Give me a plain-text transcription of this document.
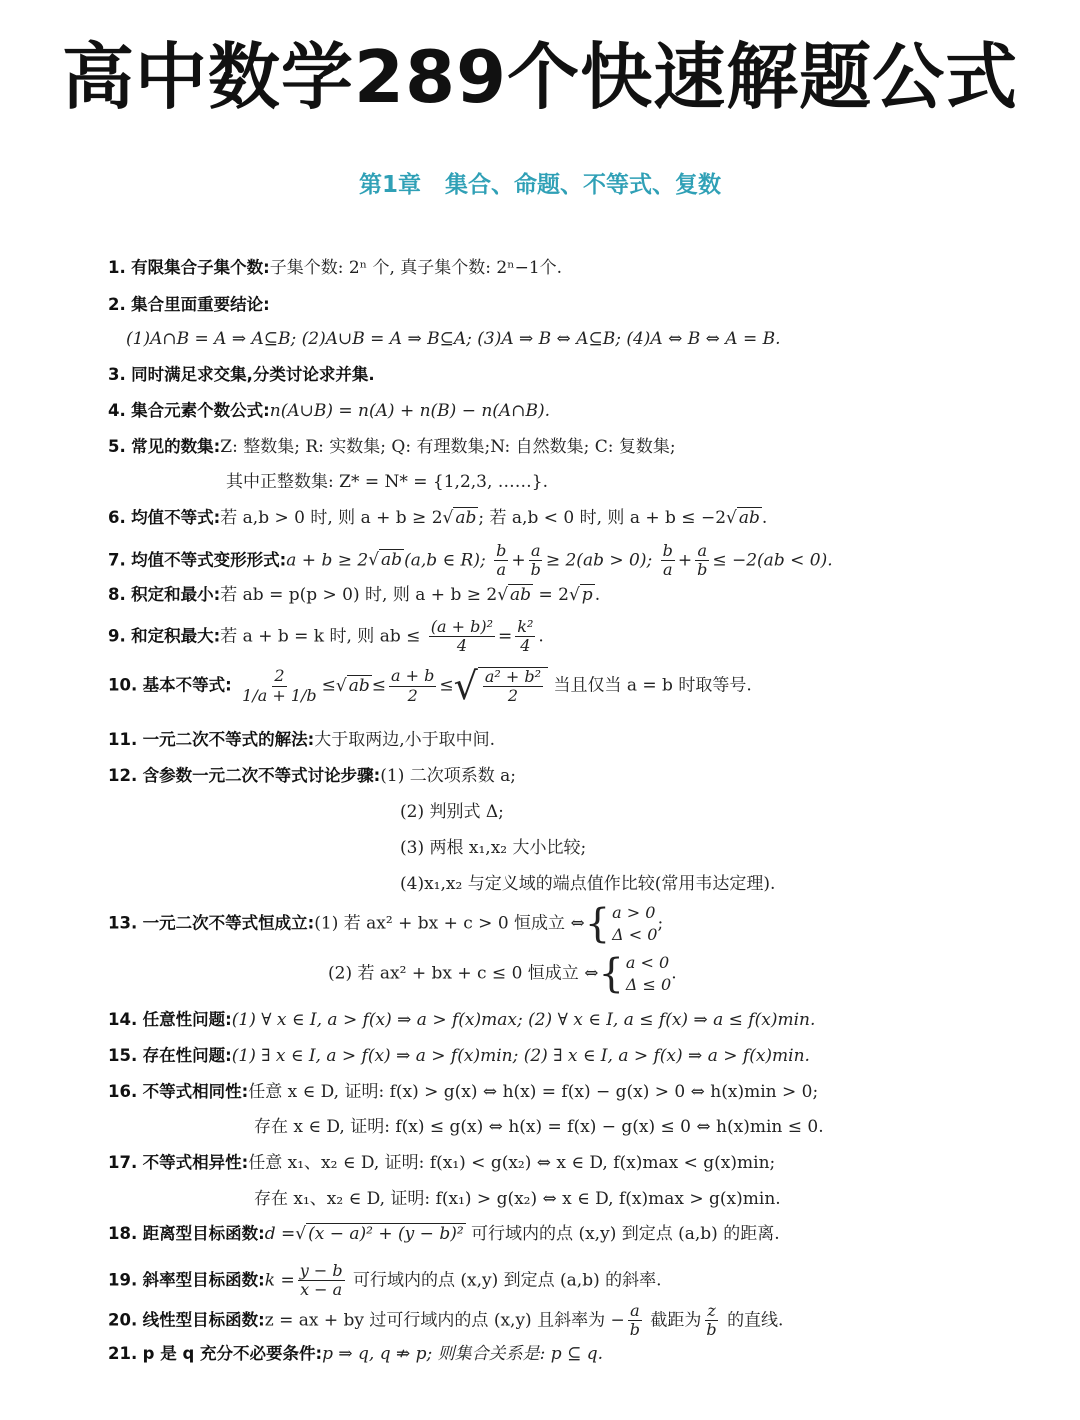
高中数学289个快速解题公式
第1章 集合、命题、不等式、复数
1. 有限集合子集个数:子集个数: 2ⁿ 个, 真子集个数: 2ⁿ−1个.
2. 集合里面重要结论:
(1)A∩B = A ⇒ A⊆B; (2)A∪B = A ⇒ B⊆A; (3)A ⇒ B ⇔ A⊆B; (4)A ⇔ B ⇔ A = B.
3. 同时满足求交集,分类讨论求并集.
4. 集合元素个数公式:n(A∪B) = n(A) + n(B) − n(A∩B).
5. 常见的数集:Z: 整数集; R: 实数集; Q: 有理数集;N: 自然数集; C: 复数集;
其中正整数集: Z* = N* = {1,2,3, ……}.
6. 均值不等式:若 a,b > 0 时, 则 a + b ≥ 2√ ab ; 若 a,b < 0 时, 则 a + b ≤ −2√ ab .
7. 均值不等式变形形式:a + b ≥ 2√ ab (a,b ∈ R); $\frac{b}{a} + \frac{a}{b} \ge 2(ab > 0)$; $\frac{b}{a} + \frac{a}{b} \le -2(ab < 0)$.
8. 积定和最小:若 ab = p(p > 0) 时, 则 a + b ≥ 2√ ab = 2√ p .
9. 和定积最大:若 a + b = k 时, 则 ab ≤ $\frac{\text{(a + b)²}}{4} = \frac{\text{k²}}{4}$ .
10. 基本不等式: $\frac{2}{1/a + 1/b}$ ≤√ ab ≤ $\frac{a + b}{2}$ ≤ √ $\frac{\text{a² + b²}}{2}$ 当且仅当 a = b 时取等号.
11. 一元二次不等式的解法:大于取两边,小于取中间.
12. 含参数一元二次不等式讨论步骤:(1) 二次项系数 a;
(2) 判别式 Δ;
(3) 两根 x₁,x₂ 大小比较;
(4)x₁,x₂ 与定义域的端点值作比较(常用韦达定理).
13. 一元二次不等式恒成立:(1) 若 ax² + bx + c > 0 恒成立 ⇔ { a > 0
Δ < 0
;
(2) 若 ax² + bx + c ≤ 0 恒成立 ⇔ { a < 0
Δ ≤ 0
.
14. 任意性问题:(1) ∀ x ∈ I, a > f(x) ⇒ a > f(x)max; (2) ∀ x ∈ I, a ≤ f(x) ⇒ a ≤ f(x)min.
15. 存在性问题:(1) ∃ x ∈ I, a > f(x) ⇒ a > f(x)min; (2) ∃ x ∈ I, a > f(x) ⇒ a > f(x)min.
16. 不等式相同性:任意 x ∈ D, 证明: f(x) > g(x) ⇔ h(x) = f(x) − g(x) > 0 ⇔ h(x)min > 0;
存在 x ∈ D, 证明: f(x) ≤ g(x) ⇔ h(x) = f(x) − g(x) ≤ 0 ⇔ h(x)min ≤ 0.
17. 不等式相异性:任意 x₁、x₂ ∈ D, 证明: f(x₁) < g(x₂) ⇔ x ∈ D, f(x)max < g(x)min;
存在 x₁、x₂ ∈ D, 证明: f(x₁) > g(x₂) ⇔ x ∈ D, f(x)max > g(x)min.
18. 距离型目标函数:d =√ (x − a)² + (y − b)² 可行域内的点 (x,y) 到定点 (a,b) 的距离.
19. 斜率型目标函数:k = $\frac{y - b}{x - a}$ 可行域内的点 (x,y) 到定点 (a,b) 的斜率.
20. 线性型目标函数:z = ax + by 过可行域内的点 (x,y) 且斜率为 − $\frac{a}{b}$ 截距为 $\frac{z}{b}$ 的直线.
21. p 是 q 充分不必要条件:p ⇒ q, q ⇏ p; 则集合关系是: p ⊆ q.
